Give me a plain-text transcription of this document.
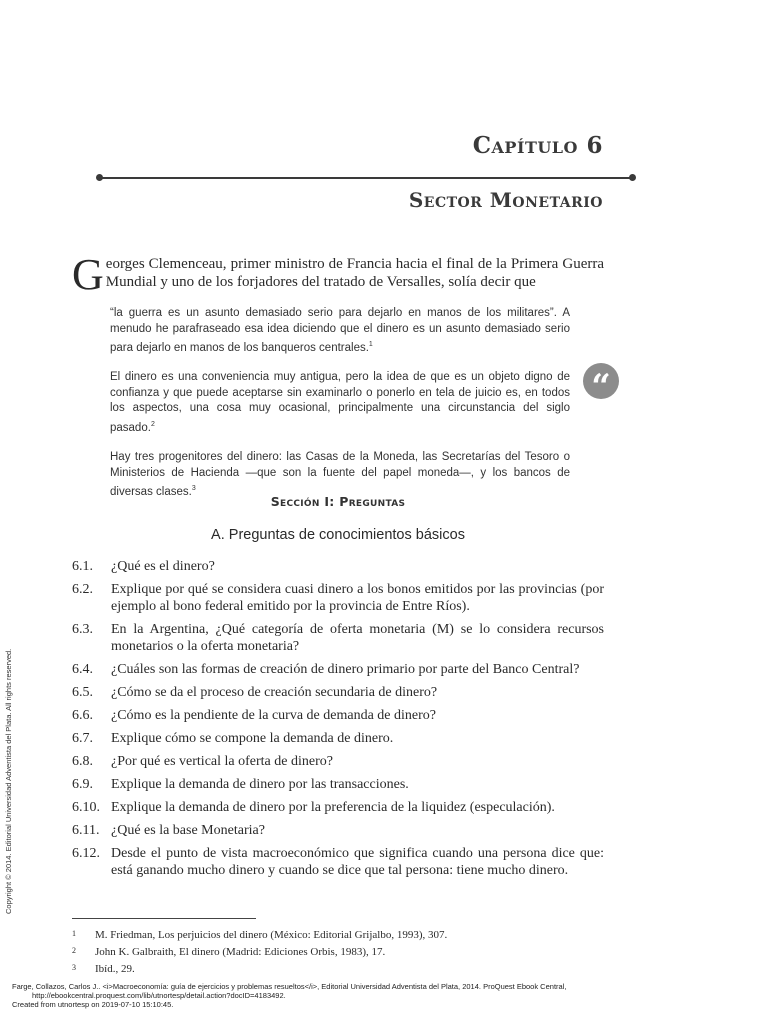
Capítulo 6
Sector Monetario
Georges Clemenceau, primer ministro de Francia hacia el final de la Primera Guerra Mundial y uno de los forjadores del tratado de Versalles, solía decir que

“la guerra es un asunto demasiado serio para dejarlo en manos de los militares”. A menudo he parafraseado esa idea diciendo que el dinero es un asunto demasiado serio para dejarlo en manos de los banqueros centrales.$^1$

El dinero es una conveniencia muy antigua, pero la idea de que es un objeto digno de confianza y que puede aceptarse sin examinarlo o ponerlo en tela de juicio es, en todos los aspectos, una cosa muy ocasional, principalmente una circunstancia del siglo pasado.$^2$

Hay tres progenitores del dinero: las Casas de la Moneda, las Secretarías del Tesoro o Ministerios de Hacienda —que son la fuente del papel moneda—, y los bancos de diversas clases.$^3$

“
Sección I: Preguntas
A. Preguntas de conocimientos básicos
6.1.	¿Qué es el dinero?
6.2.	Explique por qué se considera cuasi dinero a los bonos emitidos por las provincias (por ejemplo al bono federal emitido por la provincia de Entre Ríos).
6.3.	En la Argentina, ¿Qué categoría de oferta monetaria (M) se lo considera recursos monetarios o la oferta monetaria?
6.4.	¿Cuáles son las formas de creación de dinero primario por parte del Banco Central?
6.5.	¿Cómo se da el proceso de creación secundaria de dinero?
6.6.	¿Cómo es la pendiente de la curva de demanda de dinero?
6.7.	Explique cómo se compone la demanda de dinero.
6.8.	¿Por qué es vertical la oferta de dinero?
6.9.	Explique la demanda de dinero por las transacciones.
6.10. Explique la demanda de dinero por la preferencia de la liquidez (especulación).
6.11. ¿Qué es la base Monetaria?
6.12. Desde el punto de vista macroeconómico que significa cuando una persona dice que: está ganando mucho dinero y cuando se dice que tal persona: tiene mucho dinero.
1	M. Friedman, Los perjuicios del dinero (México: Editorial Grijalbo, 1993), 307.
2	John K. Galbraith, El dinero (Madrid: Ediciones Orbis, 1983), 17.
3	Ibíd., 29.
Copyright © 2014. Editorial Universidad Adventista del Plata. All rights reserved.
Farge, Collazos, Carlos J.. <i>Macroeconomía: guía de ejercicios y problemas resueltos</i>, Editorial Universidad Adventista del Plata, 2014. ProQuest Ebook Central,
http://ebookcentral.proquest.com/lib/utnortesp/detail.action?docID=4183492.
Created from utnortesp on 2019-07-10 15:10:45.
